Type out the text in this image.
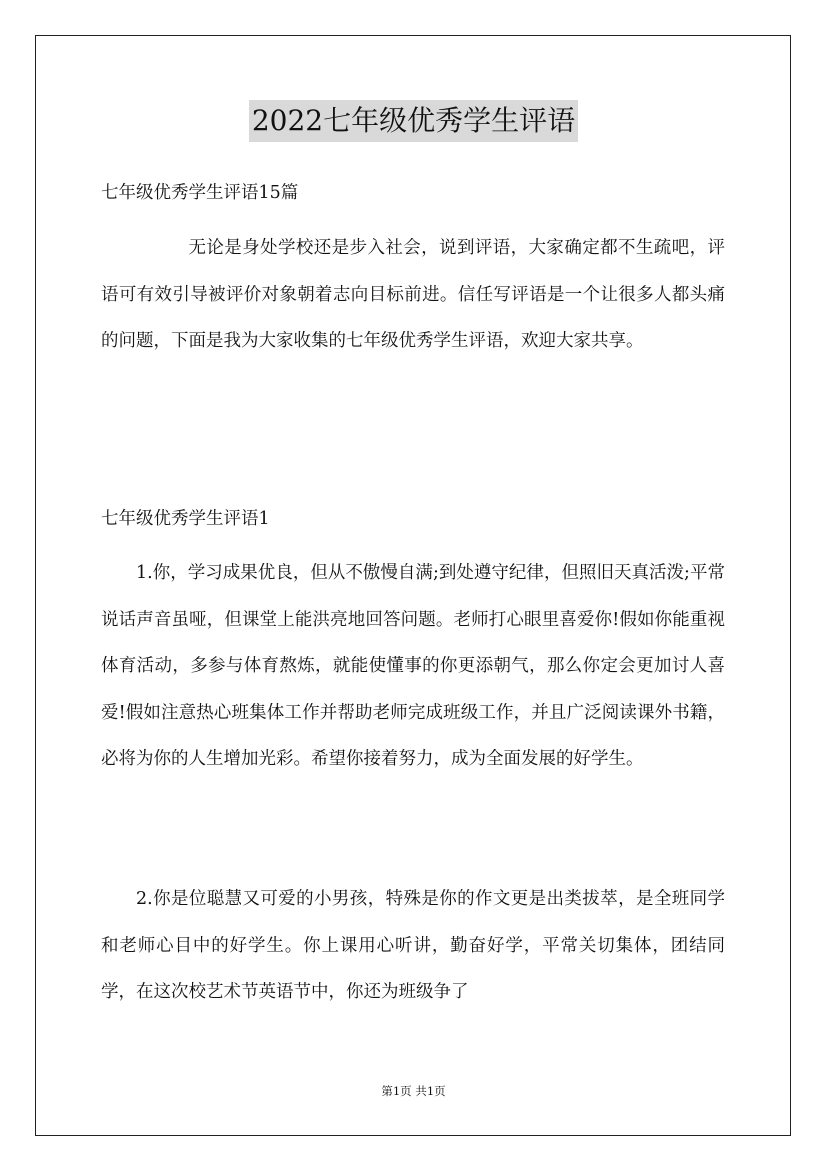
2022七年级优秀学生评语
七年级优秀学生评语15篇

无论是身处学校还是步入社会，说到评语，大家确定都不生疏吧，评语可有效引导被评价对象朝着志向目标前进。信任写评语是一个让很多人都头痛的问题，下面是我为大家收集的七年级优秀学生评语，欢迎大家共享。

七年级优秀学生评语1

1.你，学习成果优良，但从不傲慢自满;到处遵守纪律，但照旧天真活泼;平常说话声音虽哑，但课堂上能洪亮地回答问题。老师打心眼里喜爱你!假如你能重视体育活动，多参与体育熬炼，就能使懂事的你更添朝气，那么你定会更加讨人喜爱!假如注意热心班集体工作并帮助老师完成班级工作，并且广泛阅读课外书籍，必将为你的人生增加光彩。希望你接着努力，成为全面发展的好学生。

2.你是位聪慧又可爱的小男孩，特殊是你的作文更是出类拔萃，是全班同学和老师心目中的好学生。你上课用心听讲，勤奋好学，平常关切集体，团结同学，在这次校艺术节英语节中，你还为班级争了

第1页 共1页
